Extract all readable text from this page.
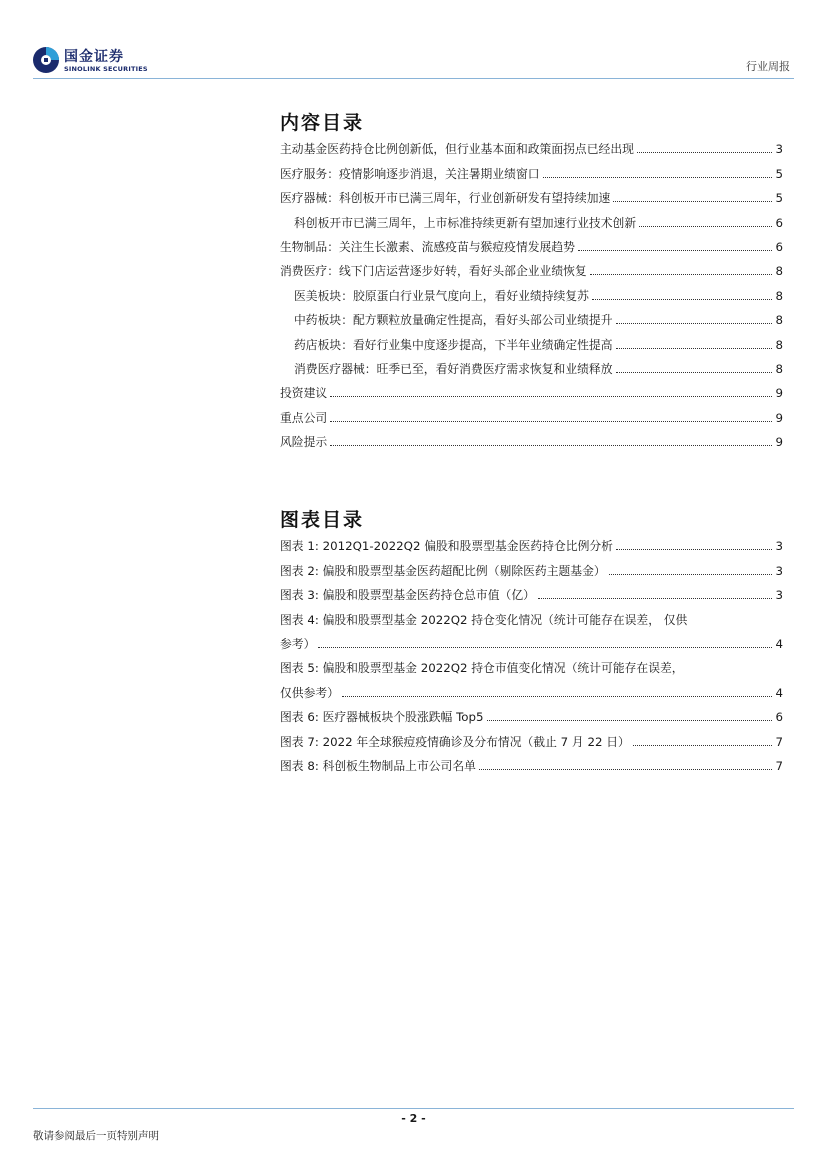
国金证券
SINOLINK SECURITIES	行业周报
内容目录
主动基金医药持仓比例创新低，但行业基本面和政策面拐点已经出现	3
医疗服务：疫情影响逐步消退，关注暑期业绩窗口	5
医疗器械：科创板开市已满三周年，行业创新研发有望持续加速	5
科创板开市已满三周年，上市标准持续更新有望加速行业技术创新	6
生物制品：关注生长激素、流感疫苗与猴痘疫情发展趋势	6
消费医疗：线下门店运营逐步好转，看好头部企业业绩恢复	8
医美板块：胶原蛋白行业景气度向上，看好业绩持续复苏	8
中药板块：配方颗粒放量确定性提高，看好头部公司业绩提升	8
药店板块：看好行业集中度逐步提高，下半年业绩确定性提高	8
消费医疗器械：旺季已至，看好消费医疗需求恢复和业绩释放	8
投资建议	9
重点公司	9
风险提示	9
图表目录
图表 1: 2012Q1-2022Q2 偏股和股票型基金医药持仓比例分析	3
图表 2: 偏股和股票型基金医药超配比例（剔除医药主题基金）	3
图表 3: 偏股和股票型基金医药持仓总市值（亿）	3
图表 4: 偏股和股票型基金 2022Q2 持仓变化情况（统计可能存在误差， 仅供
参考）	4
图表 5: 偏股和股票型基金 2022Q2 持仓市值变化情况（统计可能存在误差，
仅供参考）	4
图表 6: 医疗器械板块个股涨跌幅 Top5	6
图表 7: 2022 年全球猴痘疫情确诊及分布情况（截止 7 月 22 日）	7
图表 8: 科创板生物制品上市公司名单	7
- 2 -
敬请参阅最后一页特别声明
